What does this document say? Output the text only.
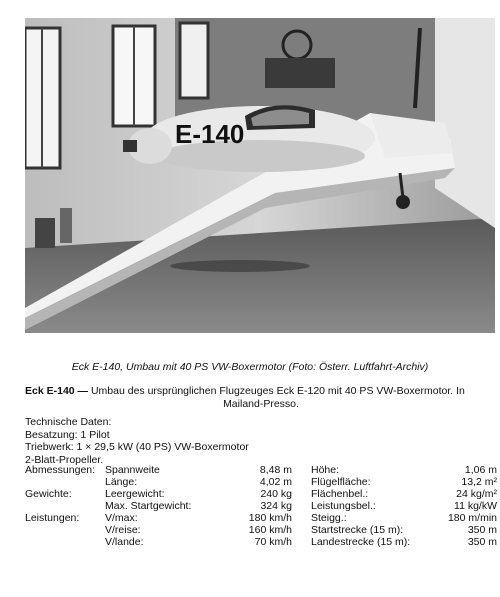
E-140
Eck E-140, Umbau mit 40 PS VW-Boxermotor (Foto: Österr. Luftfahrt-Archiv)
Eck E-140 — Umbau des ursprünglichen Flugzeuges Eck E-120 mit 40 PS VW-Boxermotor. In
Mailand-Presso.
Technische Daten:
Besatzung: 1 Pilot
Triebwerk: 1 × 29,5 kW (40 PS) VW-Boxermotor
2-Blatt-Propeller.
Abmessungen: Spannweite	8,48 m Höhe:	1,06 m
Länge:	4,02 m Flügelfläche:	13,2 m²
Gewichte:	Leergewicht:	240 kg Flächenbel.:	24 kg/m²
Max. Startgewicht:	324 kg Leistungsbel.:	11 kg/kW
Leistungen: V/max:	180 km/h Steigg.:	180 m/min
V/reise:	160 km/h Startstrecke (15 m):	350 m
V/lande:	70 km/h Landestrecke (15 m):	350 m
